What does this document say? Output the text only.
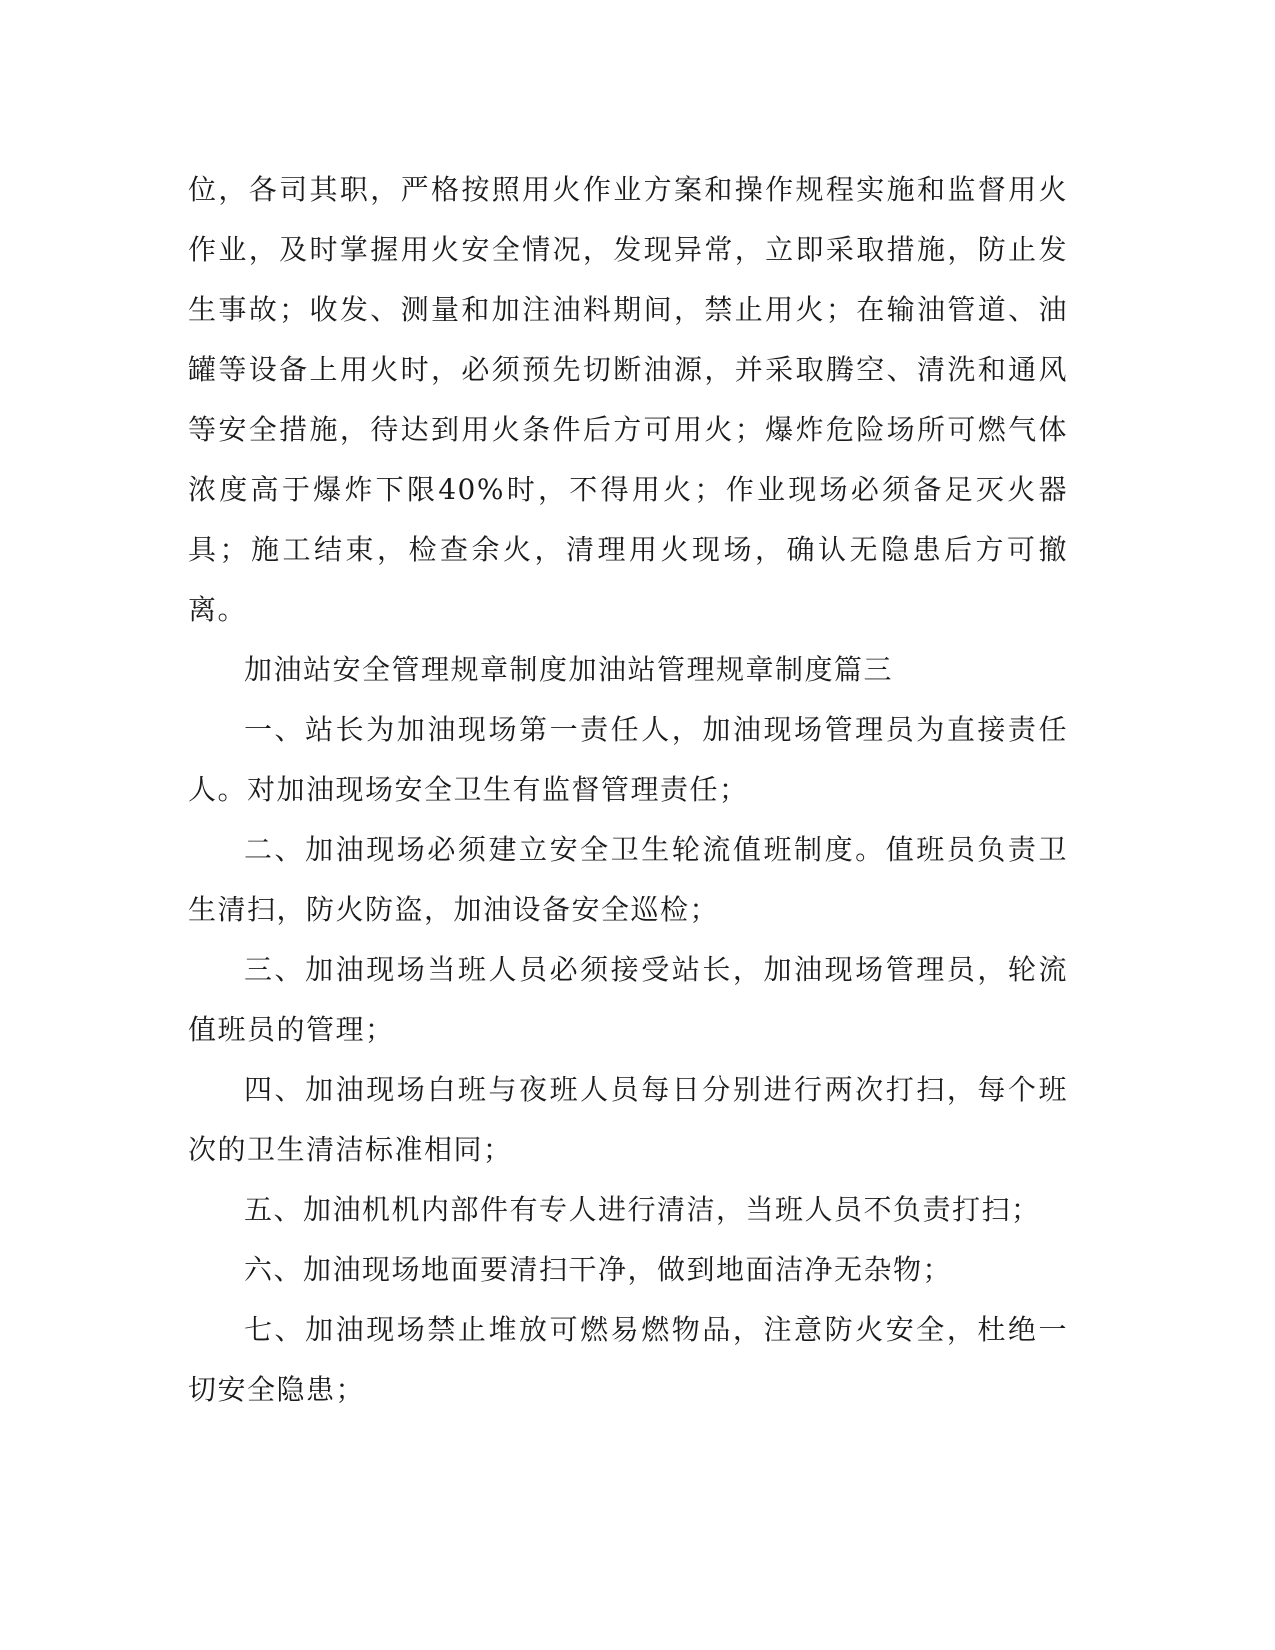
位，各司其职，严格按照用火作业方案和操作规程实施和监督用火作业，及时掌握用火安全情况，发现异常，立即采取措施，防止发生事故；收发、测量和加注油料期间，禁止用火；在输油管道、油罐等设备上用火时，必须预先切断油源，并采取腾空、清洗和通风等安全措施，待达到用火条件后方可用火；爆炸危险场所可燃气体浓度高于爆炸下限40%时，不得用火；作业现场必须备足灭火器具；施工结束，检查余火，清理用火现场，确认无隐患后方可撤离。

加油站安全管理规章制度加油站管理规章制度篇三

一、站长为加油现场第一责任人，加油现场管理员为直接责任人。对加油现场安全卫生有监督管理责任；

二、加油现场必须建立安全卫生轮流值班制度。值班员负责卫生清扫，防火防盗，加油设备安全巡检；

三、加油现场当班人员必须接受站长，加油现场管理员，轮流值班员的管理；

四、加油现场白班与夜班人员每日分别进行两次打扫，每个班次的卫生清洁标准相同；

五、加油机机内部件有专人进行清洁，当班人员不负责打扫；

六、加油现场地面要清扫干净，做到地面洁净无杂物；

七、加油现场禁止堆放可燃易燃物品，注意防火安全，杜绝一切安全隐患；
